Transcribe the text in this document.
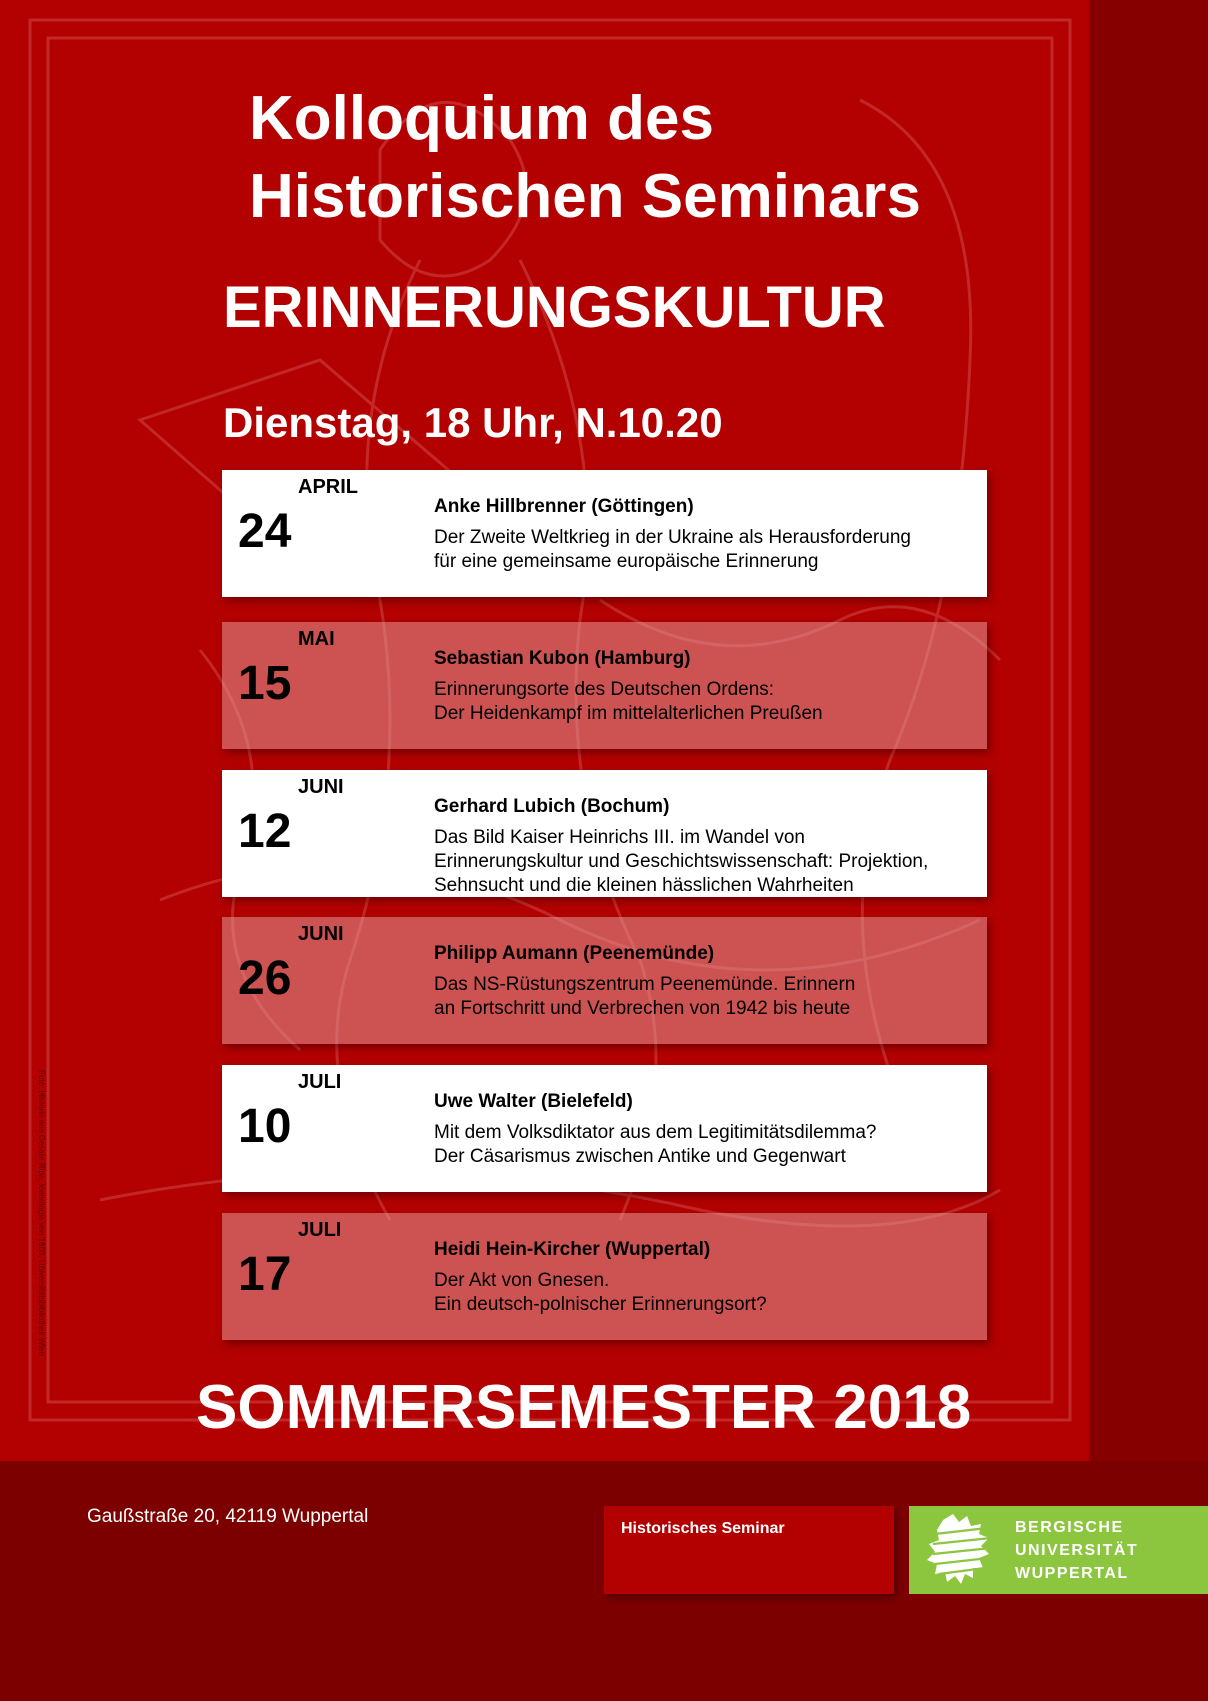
Kolloquium des
Historischen Seminars
ERINNERUNGSKULTUR

Dienstag, 18 Uhr, N.10.20

APRIL
24	Anke Hillbrenner (Göttingen)
Der Zweite Weltkrieg in der Ukraine als Herausforderung
für eine gemeinsame europäische Erinnerung
MAI
15	Sebastian Kubon (Hamburg)
Erinnerungsorte des Deutschen Ordens:
Der Heidenkampf im mittelalterlichen Preußen
JUNI
12	Gerhard Lubich (Bochum)
Das Bild Kaiser Heinrichs III. im Wandel von
Erinnerungskultur und Geschichtswissenschaft: Projektion,
Sehnsucht und die kleinen hässlichen Wahrheiten
JUNI
26	Philipp Aumann (Peenemünde)
Das NS-Rüstungszentrum Peenemünde. Erinnern
an Fortschritt und Verbrechen von 1942 bis heute
JULI
10	Uwe Walter (Bielefeld)
Mit dem Volksdiktator aus dem Legitimitätsdilemma?
Der Cäsarismus zwischen Antike und Gegenwart
JULI
17	Heidi Hein-Kircher (Wuppertal)
Der Akt von Gnesen.
Ein deutsch-polnischer Erinnerungsort?
Foto: Historia aus Cesare Ripa, Iconologia von 1603, Universitätsbibliothek Wien
SOMMERSEMESTER 2018
Gaußstraße 20, 42119 Wuppertal
Historisches Seminar	BERGISCHE
UNIVERSITÄT
WUPPERTAL
